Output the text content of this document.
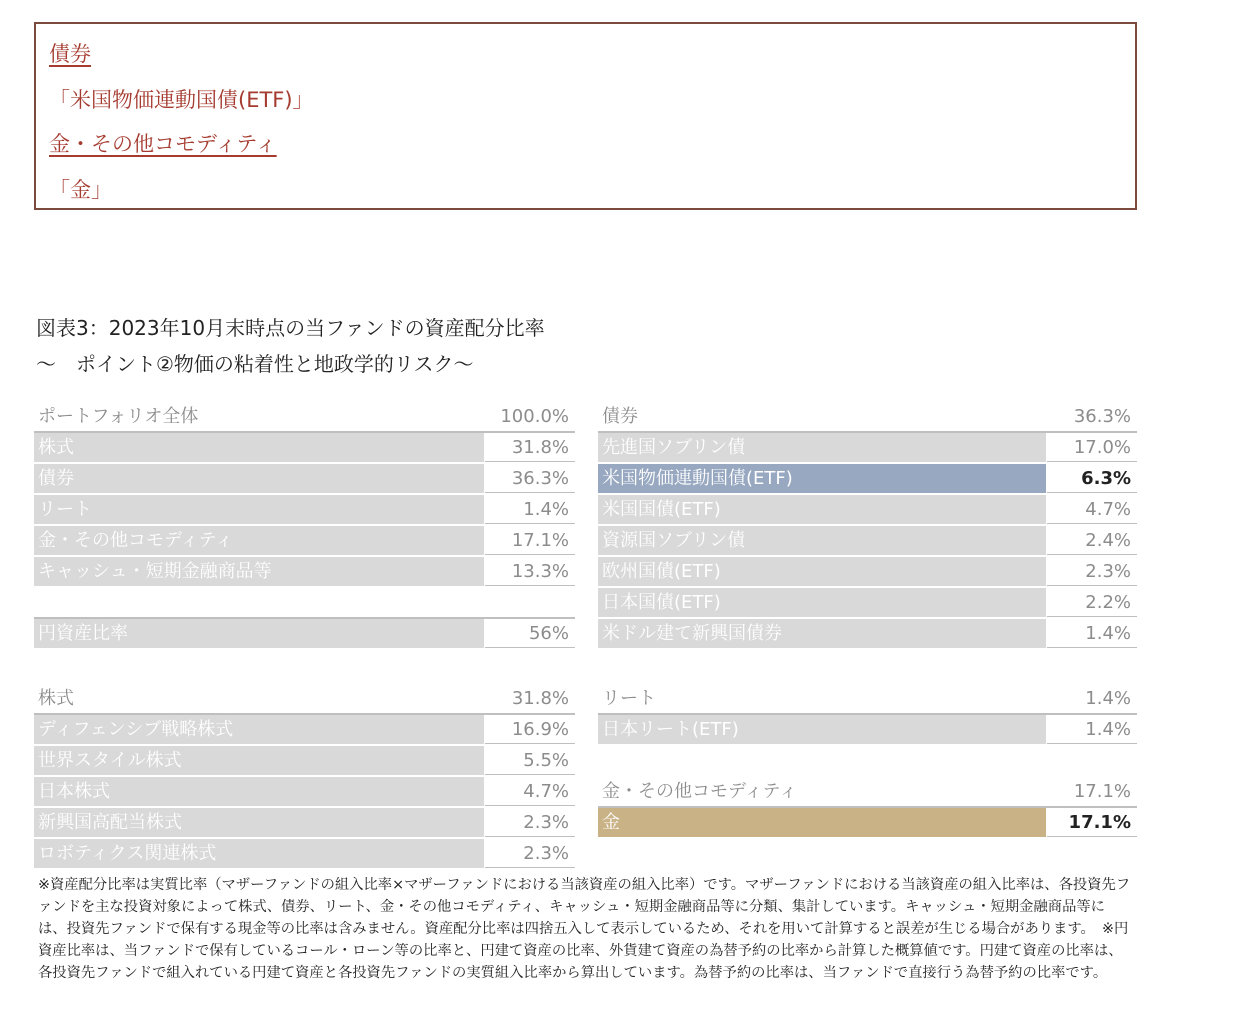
債券
「米国物価連動国債(ETF)」
金・その他コモディティ
「金」
図表3：2023年10月末時点の当ファンドの資産配分比率
～　ポイント②物価の粘着性と地政学的リスク～
ポートフォリオ全体	100.0%
株式	31.8%
債券	36.3%
リート	1.4%
金・その他コモディティ	17.1%
キャッシュ・短期金融商品等	13.3%
円資産比率	56%
株式	31.8%
ディフェンシブ戦略株式	16.9%
世界スタイル株式	5.5%
日本株式	4.7%
新興国高配当株式	2.3%
ロボティクス関連株式	2.3%
債券	36.3%
先進国ソブリン債	17.0%
米国物価連動国債(ETF)	6.3%
米国国債(ETF)	4.7%
資源国ソブリン債	2.4%
欧州国債(ETF)	2.3%
日本国債(ETF)	2.2%
米ドル建て新興国債券	1.4%
リート	1.4%
日本リート(ETF)	1.4%
金・その他コモディティ	17.1%
金	17.1%
※資産配分比率は実質比率（マザーファンドの組入比率×マザーファンドにおける当該資産の組入比率）です。マザーファンドにおける当該資産の組入比率は、各投資先ファンドを主な投資対象によって株式、債券、リート、金・その他コモディティ、キャッシュ・短期金融商品等に分類、集計しています。キャッシュ・短期金融商品等には、投資先ファンドで保有する現金等の比率は含みません。資産配分比率は四捨五入して表示しているため、それを用いて計算すると誤差が生じる場合があります。　※円資産比率は、当ファンドで保有しているコール・ローン等の比率と、円建て資産の比率、外貨建て資産の為替予約の比率から計算した概算値です。円建て資産の比率は、各投資先ファンドで組入れている円建て資産と各投資先ファンドの実質組入比率から算出しています。為替予約の比率は、当ファンドで直接行う為替予約の比率です。
